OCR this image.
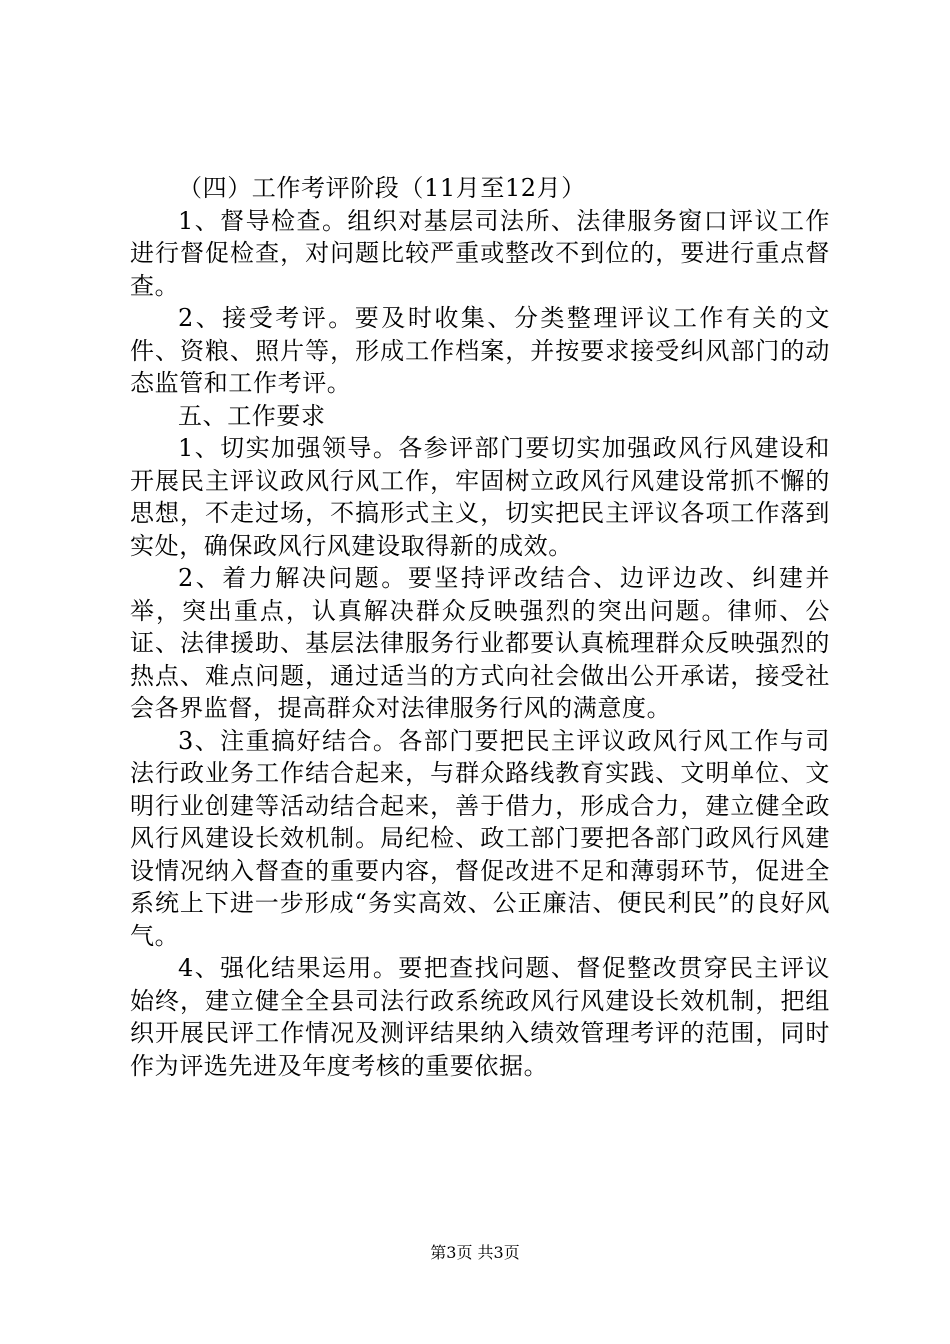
（四）工作考评阶段（11月至12月）

1、督导检查。组织对基层司法所、法律服务窗口评议工作进行督促检查，对问题比较严重或整改不到位的，要进行重点督查。

2、接受考评。要及时收集、分类整理评议工作有关的文件、资粮、照片等，形成工作档案，并按要求接受纠风部门的动态监管和工作考评。

五、工作要求

1、切实加强领导。各参评部门要切实加强政风行风建设和开展民主评议政风行风工作，牢固树立政风行风建设常抓不懈的思想，不走过场，不搞形式主义，切实把民主评议各项工作落到实处，确保政风行风建设取得新的成效。

2、着力解决问题。要坚持评改结合、边评边改、纠建并举，突出重点，认真解决群众反映强烈的突出问题。律师、公证、法律援助、基层法律服务行业都要认真梳理群众反映强烈的热点、难点问题，通过适当的方式向社会做出公开承诺，接受社会各界监督，提高群众对法律服务行风的满意度。

3、注重搞好结合。各部门要把民主评议政风行风工作与司法行政业务工作结合起来，与群众路线教育实践、文明单位、文明行业创建等活动结合起来，善于借力，形成合力，建立健全政风行风建设长效机制。局纪检、政工部门要把各部门政风行风建设情况纳入督查的重要内容，督促改进不足和薄弱环节，促进全系统上下进一步形成“务实高效、公正廉洁、便民利民”的良好风气。

4、强化结果运用。要把查找问题、督促整改贯穿民主评议始终，建立健全全县司法行政系统政风行风建设长效机制，把组织开展民评工作情况及测评结果纳入绩效管理考评的范围，同时作为评选先进及年度考核的重要依据。

第3页 共3页
